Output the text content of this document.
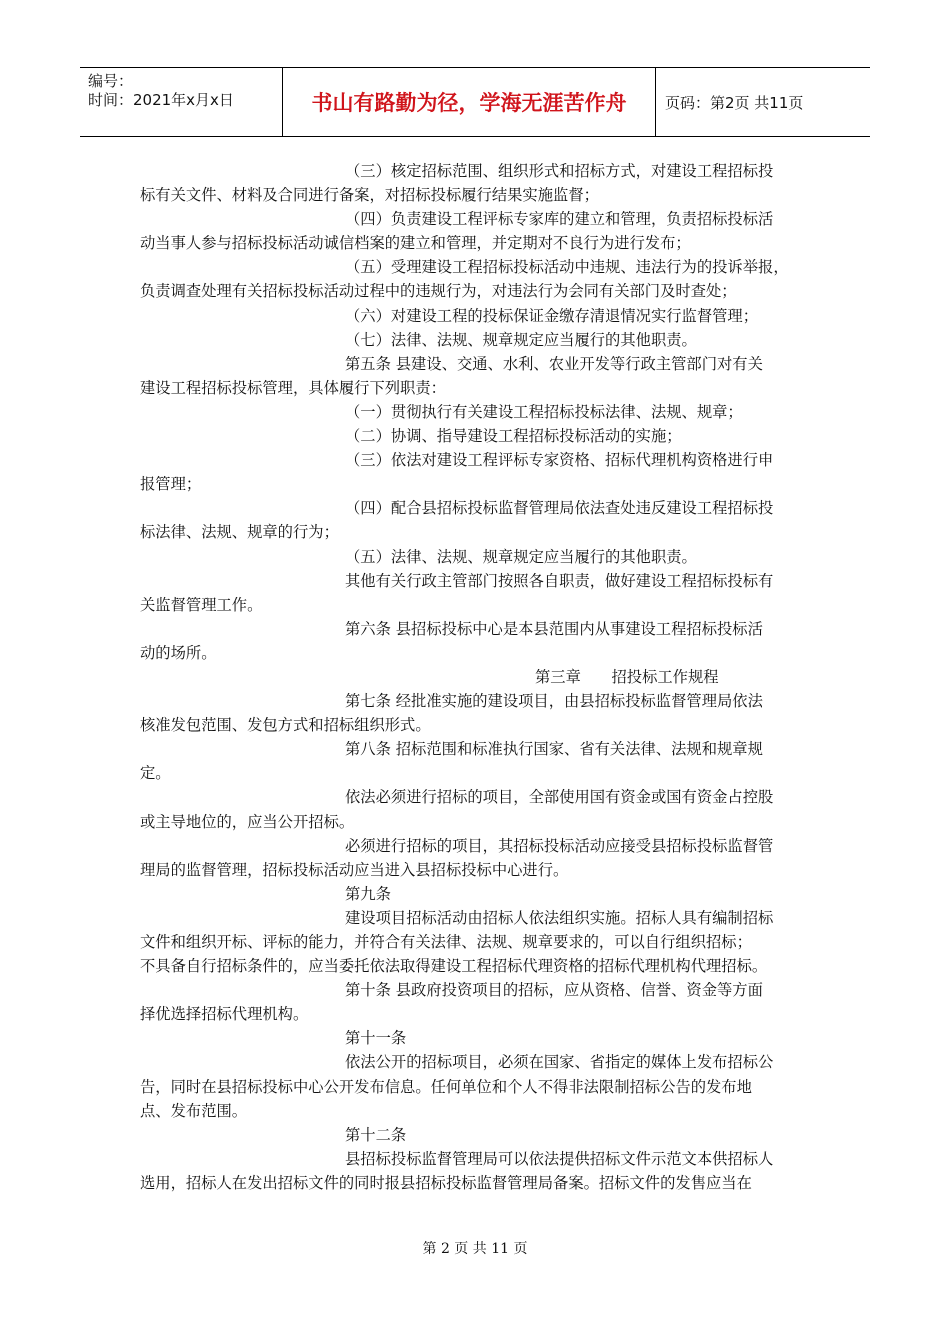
编号：
时间：2021年x月x日	书山有路勤为径，学海无涯苦作舟	页码：第2页 共11页
（三）核定招标范围、组织形式和招标方式，对建设工程招标投
标有关文件、材料及合同进行备案，对招标投标履行结果实施监督；
（四）负责建设工程评标专家库的建立和管理，负责招标投标活
动当事人参与招标投标活动诚信档案的建立和管理，并定期对不良行为进行发布；
（五）受理建设工程招标投标活动中违规、违法行为的投诉举报，
负责调查处理有关招标投标活动过程中的违规行为，对违法行为会同有关部门及时查处；
（六）对建设工程的投标保证金缴存清退情况实行监督管理；
（七）法律、法规、规章规定应当履行的其他职责。
第五条 县建设、交通、水利、农业开发等行政主管部门对有关
建设工程招标投标管理，具体履行下列职责：
（一）贯彻执行有关建设工程招标投标法律、法规、规章；
（二）协调、指导建设工程招标投标活动的实施；
（三）依法对建设工程评标专家资格、招标代理机构资格进行申
报管理；
（四）配合县招标投标监督管理局依法查处违反建设工程招标投
标法律、法规、规章的行为；
（五）法律、法规、规章规定应当履行的其他职责。
其他有关行政主管部门按照各自职责，做好建设工程招标投标有
关监督管理工作。
第六条 县招标投标中心是本县范围内从事建设工程招标投标活
动的场所。
第三章　　招投标工作规程
第七条 经批准实施的建设项目，由县招标投标监督管理局依法
核准发包范围、发包方式和招标组织形式。
第八条 招标范围和标准执行国家、省有关法律、法规和规章规
定。
依法必须进行招标的项目，全部使用国有资金或国有资金占控股
或主导地位的，应当公开招标。
必须进行招标的项目，其招标投标活动应接受县招标投标监督管
理局的监督管理，招标投标活动应当进入县招标投标中心进行。
第九条
建设项目招标活动由招标人依法组织实施。招标人具有编制招标
文件和组织开标、评标的能力，并符合有关法律、法规、规章要求的，可以自行组织招标；
不具备自行招标条件的，应当委托依法取得建设工程招标代理资格的招标代理机构代理招标。
第十条 县政府投资项目的招标，应从资格、信誉、资金等方面
择优选择招标代理机构。
第十一条
依法公开的招标项目，必须在国家、省指定的媒体上发布招标公
告，同时在县招标投标中心公开发布信息。任何单位和个人不得非法限制招标公告的发布地
点、发布范围。
第十二条
县招标投标监督管理局可以依法提供招标文件示范文本供招标人
选用，招标人在发出招标文件的同时报县招标投标监督管理局备案。招标文件的发售应当在
第 2 页 共 11 页
